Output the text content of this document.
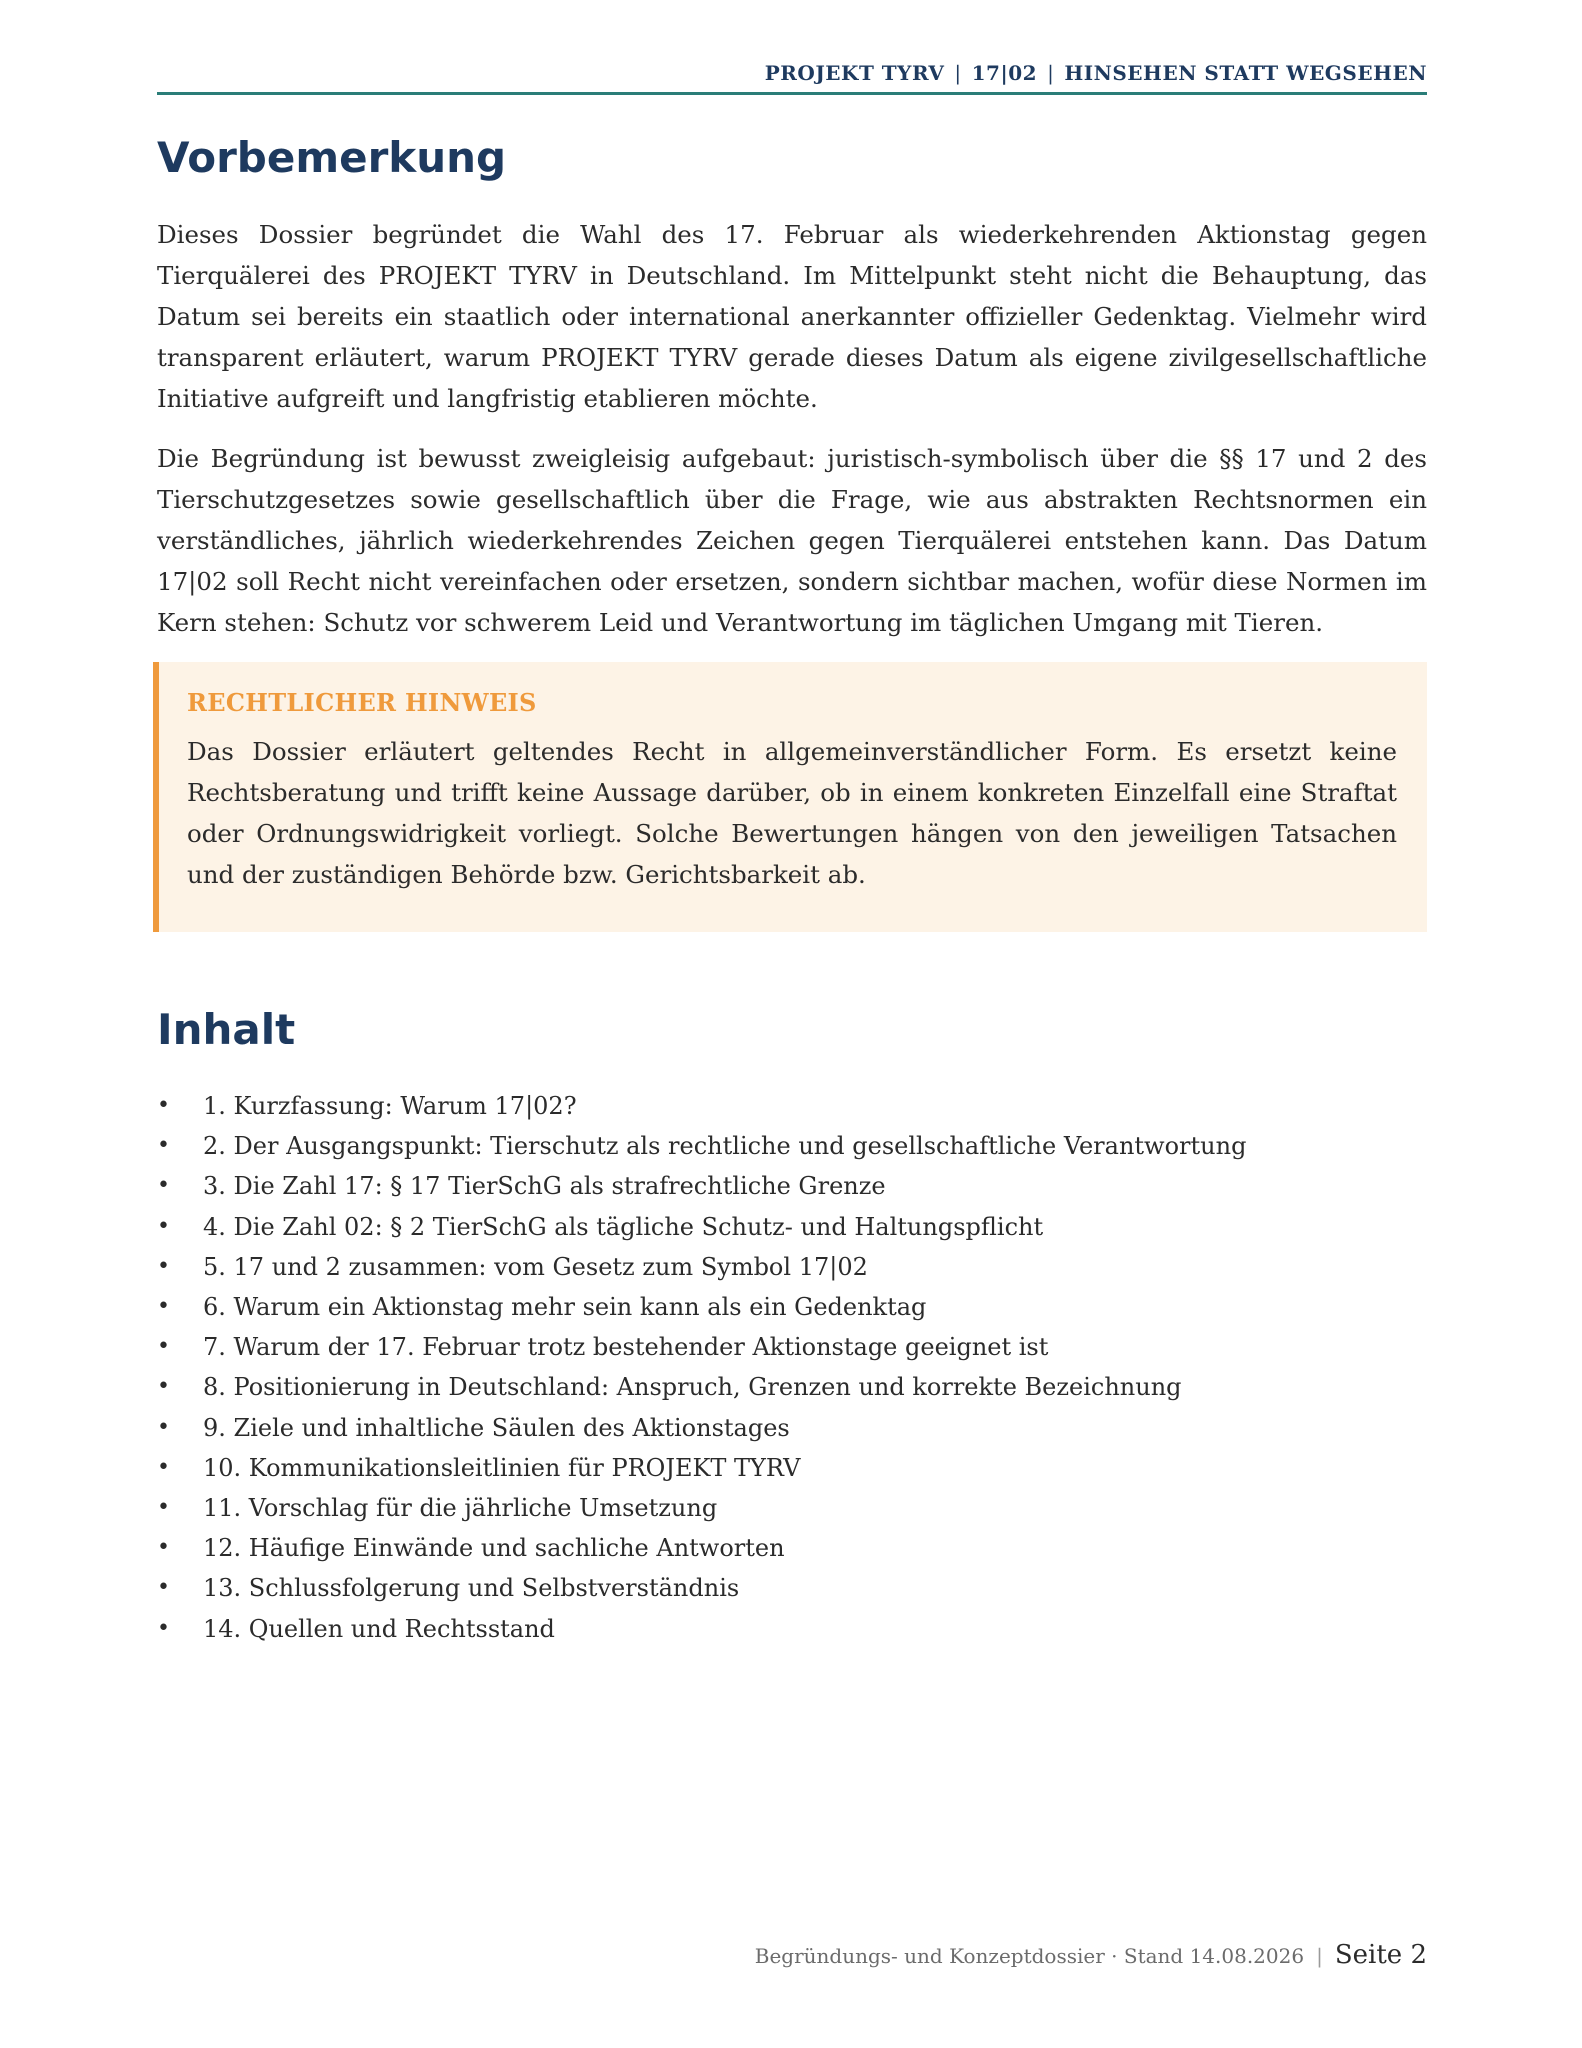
PROJEKT TYRV | 17|02 | HINSEHEN STATT WEGSEHEN
Vorbemerkung

Dieses Dossier begründet die Wahl des 17. Februar als wiederkehrenden Aktionstag gegen Tierquälerei des PROJEKT TYRV in Deutschland. Im Mittelpunkt steht nicht die Behauptung, das Datum sei bereits ein staatlich oder international anerkannter offizieller Gedenktag. Vielmehr wird transparent erläutert, warum PROJEKT TYRV gerade dieses Datum als eigene zivilgesellschaftliche Initiative aufgreift und langfristig etablieren möchte.

Die Begründung ist bewusst zweigleisig aufgebaut: juristisch-symbolisch über die §§ 17 und 2 des Tierschutzgesetzes sowie gesellschaftlich über die Frage, wie aus abstrakten Rechtsnormen ein verständliches, jährlich wiederkehrendes Zeichen gegen Tierquälerei entstehen kann. Das Datum 17|02 soll Recht nicht vereinfachen oder ersetzen, sondern sichtbar machen, wofür diese Normen im Kern stehen: Schutz vor schwerem Leid und Verantwortung im täglichen Umgang mit Tieren.

RECHTLICHER HINWEIS

Das Dossier erläutert geltendes Recht in allgemeinverständlicher Form. Es ersetzt keine Rechtsberatung und trifft keine Aussage darüber, ob in einem konkreten Einzelfall eine Straftat oder Ordnungswidrigkeit vorliegt. Solche Bewertungen hängen von den jeweiligen Tatsachen und der zuständigen Behörde bzw. Gerichtsbarkeit ab.

Inhalt
• 1. Kurzfassung: Warum 17|02?
• 2. Der Ausgangspunkt: Tierschutz als rechtliche und gesellschaftliche Verantwortung
• 3. Die Zahl 17: § 17 TierSchG als strafrechtliche Grenze
• 4. Die Zahl 02: § 2 TierSchG als tägliche Schutz- und Haltungspflicht
• 5. 17 und 2 zusammen: vom Gesetz zum Symbol 17|02
• 6. Warum ein Aktionstag mehr sein kann als ein Gedenktag
• 7. Warum der 17. Februar trotz bestehender Aktionstage geeignet ist
• 8. Positionierung in Deutschland: Anspruch, Grenzen und korrekte Bezeichnung
• 9. Ziele und inhaltliche Säulen des Aktionstages
• 10. Kommunikationsleitlinien für PROJEKT TYRV
• 11. Vorschlag für die jährliche Umsetzung
• 12. Häufige Einwände und sachliche Antworten
• 13. Schlussfolgerung und Selbstverständnis
• 14. Quellen und Rechtsstand
Begründungs- und Konzeptdossier · Stand 14.08.2026 | Seite 2
